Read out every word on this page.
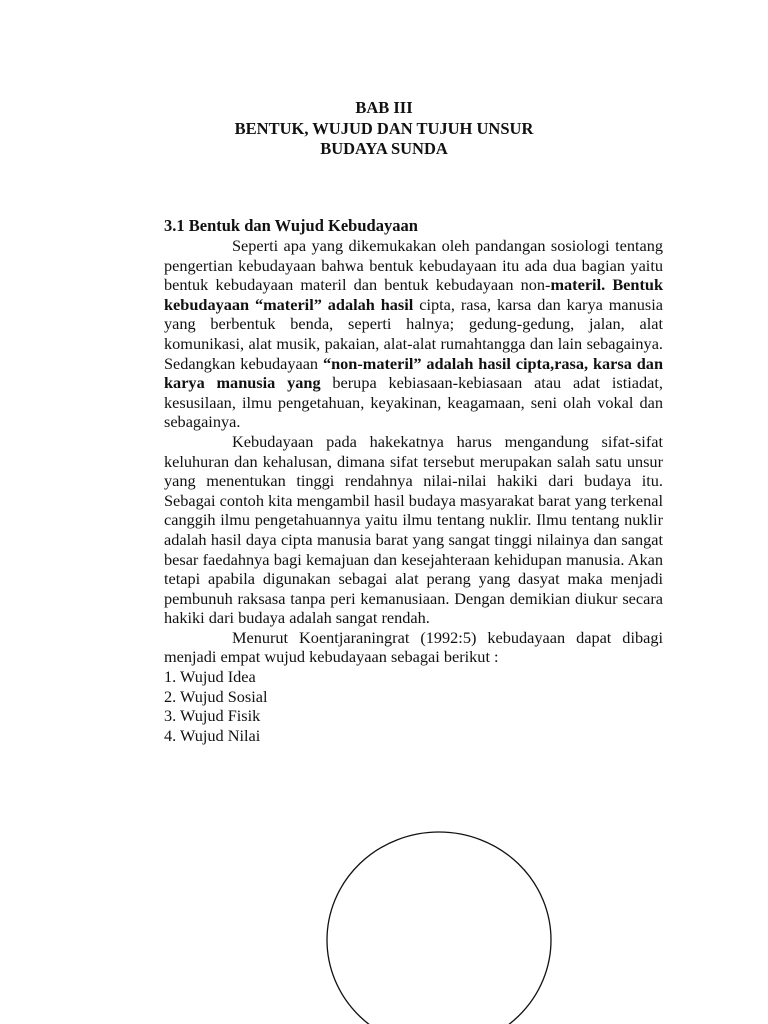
BAB III
BENTUK, WUJUD DAN TUJUH UNSUR
BUDAYA SUNDA
3.1 Bentuk dan Wujud Kebudayaan

Seperti apa yang dikemukakan oleh pandangan sosiologi tentang pengertian kebudayaan bahwa bentuk kebudayaan itu ada dua bagian yaitu bentuk kebudayaan materil dan bentuk kebudayaan non-materil. Bentuk kebudayaan “materil” adalah hasil cipta, rasa, karsa dan karya manusia yang berbentuk benda, seperti halnya; gedung-gedung, jalan, alat komunikasi, alat musik, pakaian, alat-alat rumahtangga dan lain sebagainya. Sedangkan kebudayaan “non-materil” adalah hasil cipta,rasa, karsa dan karya manusia yang berupa kebiasaan-kebiasaan atau adat istiadat, kesusilaan, ilmu pengetahuan, keyakinan, keagamaan, seni olah vokal dan sebagainya.

Kebudayaan pada hakekatnya harus mengandung sifat-sifat keluhuran dan kehalusan, dimana sifat tersebut merupakan salah satu unsur yang menentukan tinggi rendahnya nilai-nilai hakiki dari budaya itu. Sebagai contoh kita mengambil hasil budaya masyarakat barat yang terkenal canggih ilmu pengetahuannya yaitu ilmu tentang nuklir. Ilmu tentang nuklir adalah hasil daya cipta manusia barat yang sangat tinggi nilainya dan sangat besar faedahnya bagi kemajuan dan kesejahteraan kehidupan manusia. Akan tetapi apabila digunakan sebagai alat perang yang dasyat maka menjadi pembunuh raksasa tanpa peri kemanusiaan. Dengan demikian diukur secara hakiki dari budaya adalah sangat rendah.

Menurut Koentjaraningrat (1992:5) kebudayaan dapat dibagi menjadi empat wujud kebudayaan sebagai berikut :

1. Wujud Idea
2. Wujud Sosial
3. Wujud Fisik
4. Wujud Nilai
